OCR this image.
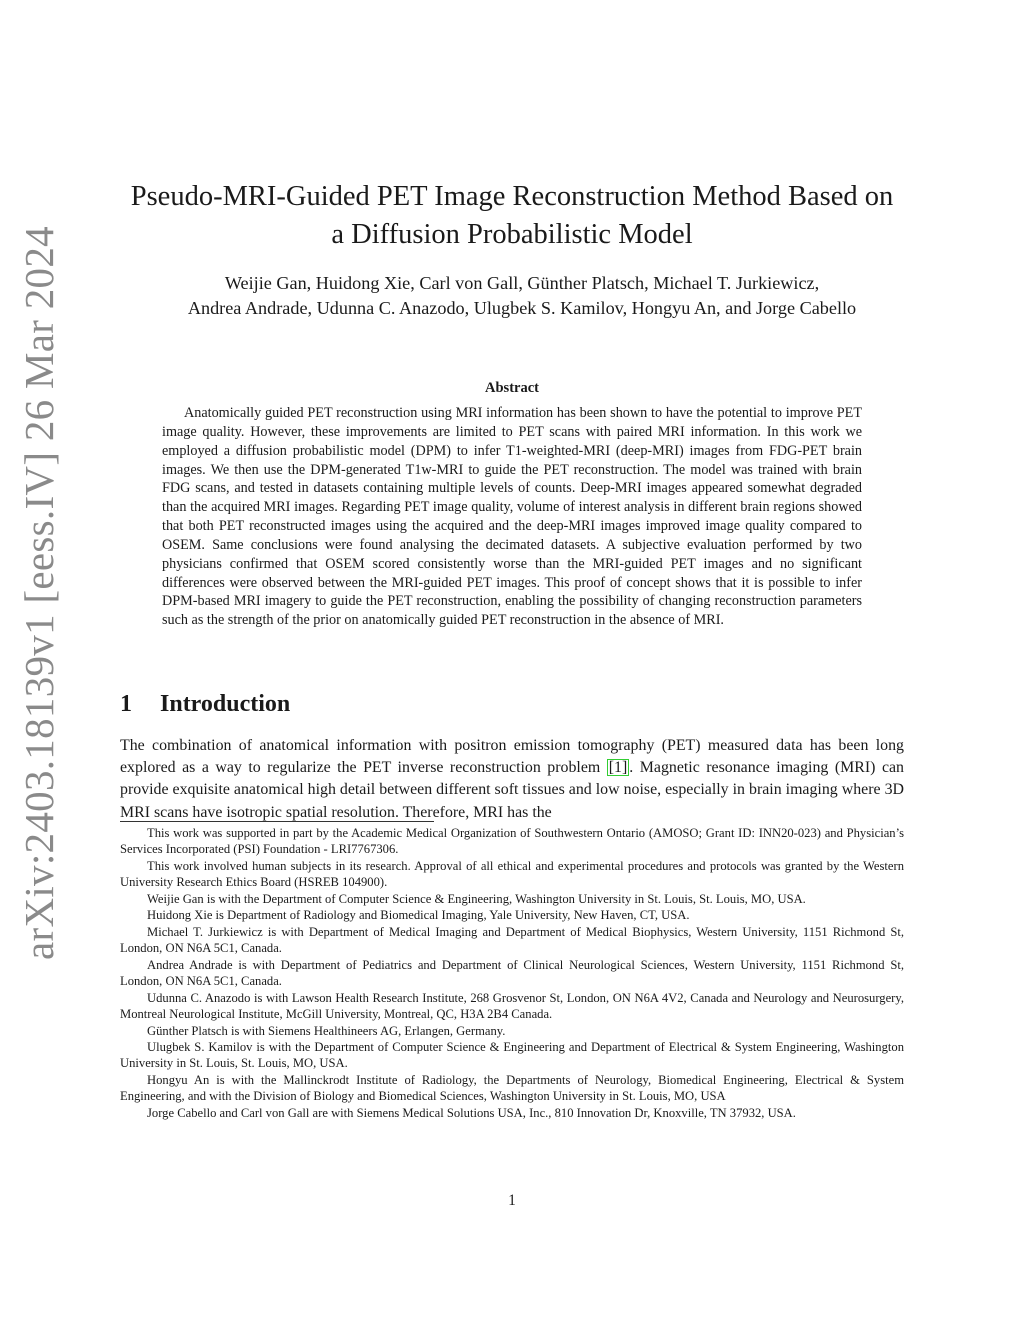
arXiv:2403.18139v1 [eess.IV] 26 Mar 2024
Pseudo-MRI-Guided PET Image Reconstruction Method Based on
a Diffusion Probabilistic Model
Weijie Gan, Huidong Xie, Carl von Gall, Günther Platsch, Michael T. Jurkiewicz,
Andrea Andrade, Udunna C. Anazodo, Ulugbek S. Kamilov, Hongyu An, and Jorge Cabello
Abstract

Anatomically guided PET reconstruction using MRI information has been shown to have the potential to improve PET image quality. However, these improvements are limited to PET scans with paired MRI information. In this work we employed a diffusion probabilistic model (DPM) to infer T1-weighted-MRI (deep-MRI) images from FDG-PET brain images. We then use the DPM-generated T1w-MRI to guide the PET reconstruction. The model was trained with brain FDG scans, and tested in datasets containing multiple levels of counts. Deep-MRI images appeared somewhat degraded than the acquired MRI images. Regarding PET image quality, volume of interest analysis in different brain regions showed that both PET reconstructed images using the acquired and the deep-MRI images improved image quality compared to OSEM. Same conclusions were found analysing the decimated datasets. A subjective evaluation performed by two physicians confirmed that OSEM scored consistently worse than the MRI-guided PET images and no significant differences were observed between the MRI-guided PET images. This proof of concept shows that it is possible to infer DPM-based MRI imagery to guide the PET reconstruction, enabling the possibility of changing reconstruction parameters such as the strength of the prior on anatomically guided PET reconstruction in the absence of MRI.

1 Introduction

The combination of anatomical information with positron emission tomography (PET) measured data has been long explored as a way to regularize the PET inverse reconstruction problem [1] . Magnetic resonance imaging (MRI) can provide exquisite anatomical high detail between different soft tissues and low noise, especially in brain imaging where 3D MRI scans have isotropic spatial resolution. Therefore, MRI has the

This work was supported in part by the Academic Medical Organization of Southwestern Ontario (AMOSO; Grant ID: INN20-023) and Physician’s Services Incorporated (PSI) Foundation - LRI7767306.

This work involved human subjects in its research. Approval of all ethical and experimental procedures and protocols was granted by the Western University Research Ethics Board (HSREB 104900).

Weijie Gan is with the Department of Computer Science & Engineering, Washington University in St. Louis, St. Louis, MO, USA.

Huidong Xie is Department of Radiology and Biomedical Imaging, Yale University, New Haven, CT, USA.

Michael T. Jurkiewicz is with Department of Medical Imaging and Department of Medical Biophysics, Western University, 1151 Richmond St, London, ON N6A 5C1, Canada.

Andrea Andrade is with Department of Pediatrics and Department of Clinical Neurological Sciences, Western University, 1151 Richmond St, London, ON N6A 5C1, Canada.

Udunna C. Anazodo is with Lawson Health Research Institute, 268 Grosvenor St, London, ON N6A 4V2, Canada and Neurology and Neurosurgery, Montreal Neurological Institute, McGill University, Montreal, QC, H3A 2B4 Canada.

Günther Platsch is with Siemens Healthineers AG, Erlangen, Germany.

Ulugbek S. Kamilov is with the Department of Computer Science & Engineering and Department of Electrical & System Engineering, Washington University in St. Louis, St. Louis, MO, USA.

Hongyu An is with the Mallinckrodt Institute of Radiology, the Departments of Neurology, Biomedical Engineering, Electrical & System Engineering, and with the Division of Biology and Biomedical Sciences, Washington University in St. Louis, MO, USA

Jorge Cabello and Carl von Gall are with Siemens Medical Solutions USA, Inc., 810 Innovation Dr, Knoxville, TN 37932, USA.

1
